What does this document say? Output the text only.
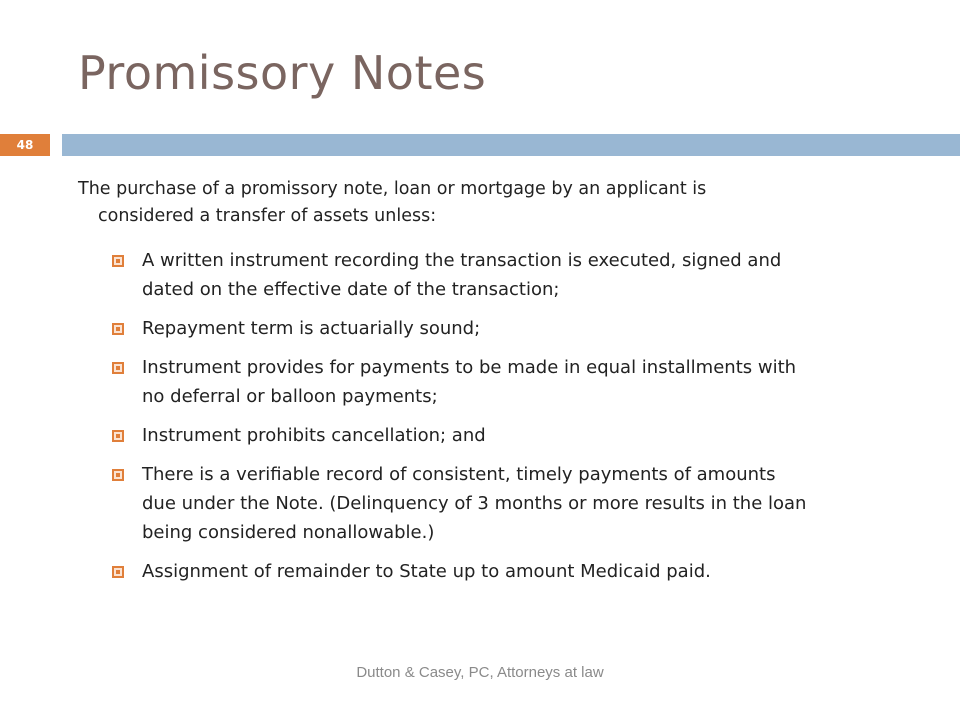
Promissory Notes
48
The purchase of a promissory note, loan or mortgage by an applicant is
considered a transfer of assets unless:
A written instrument recording the transaction is executed, signed and
dated on the effective date of the transaction;
Repayment term is actuarially sound;
Instrument provides for payments to be made in equal installments with
no deferral or balloon payments;
Instrument prohibits cancellation; and
There is a verifiable record of consistent, timely payments of amounts
due under the Note. (Delinquency of 3 months or more results in the loan
being considered nonallowable.)
Assignment of remainder to State up to amount Medicaid paid.
Dutton & Casey, PC, Attorneys at law
